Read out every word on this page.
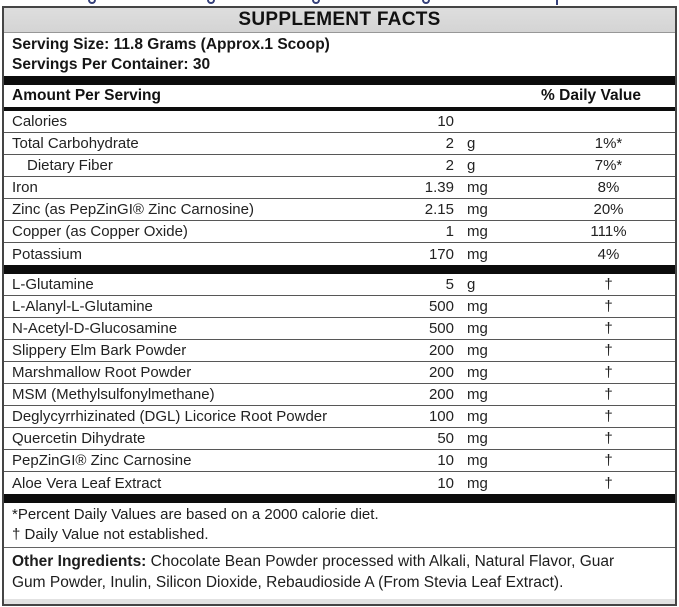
SUPPLEMENT FACTS
Serving Size: 11.8 Grams (Approx.1 Scoop)
Servings Per Container: 30
Amount Per Serving	% Daily Value
Calories	10
Total Carbohydrate	2 g	1%*
Dietary Fiber	2 g	7%*
Iron	1.39 mg	8%
Zinc (as PepZinGI® Zinc Carnosine)	2.15 mg	20%
Copper (as Copper Oxide)	1 mg	111%
Potassium	170 mg	4%
L-Glutamine	5 g	†
L-Alanyl-L-Glutamine	500 mg	†
N-Acetyl-D-Glucosamine	500 mg	†
Slippery Elm Bark Powder	200 mg	†
Marshmallow Root Powder	200 mg	†
MSM (Methylsulfonylmethane)	200 mg	†
Deglycyrrhizinated (DGL) Licorice Root Powder	100 mg	†
Quercetin Dihydrate	50 mg	†
PepZinGI® Zinc Carnosine	10 mg	†
Aloe Vera Leaf Extract	10 mg	†
*Percent Daily Values are based on a 2000 calorie diet.
† Daily Value not established.
Other Ingredients: Chocolate Bean Powder processed with Alkali, Natural Flavor, Guar Gum Powder, Inulin, Silicon Dioxide, Rebaudioside A (From Stevia Leaf Extract).
